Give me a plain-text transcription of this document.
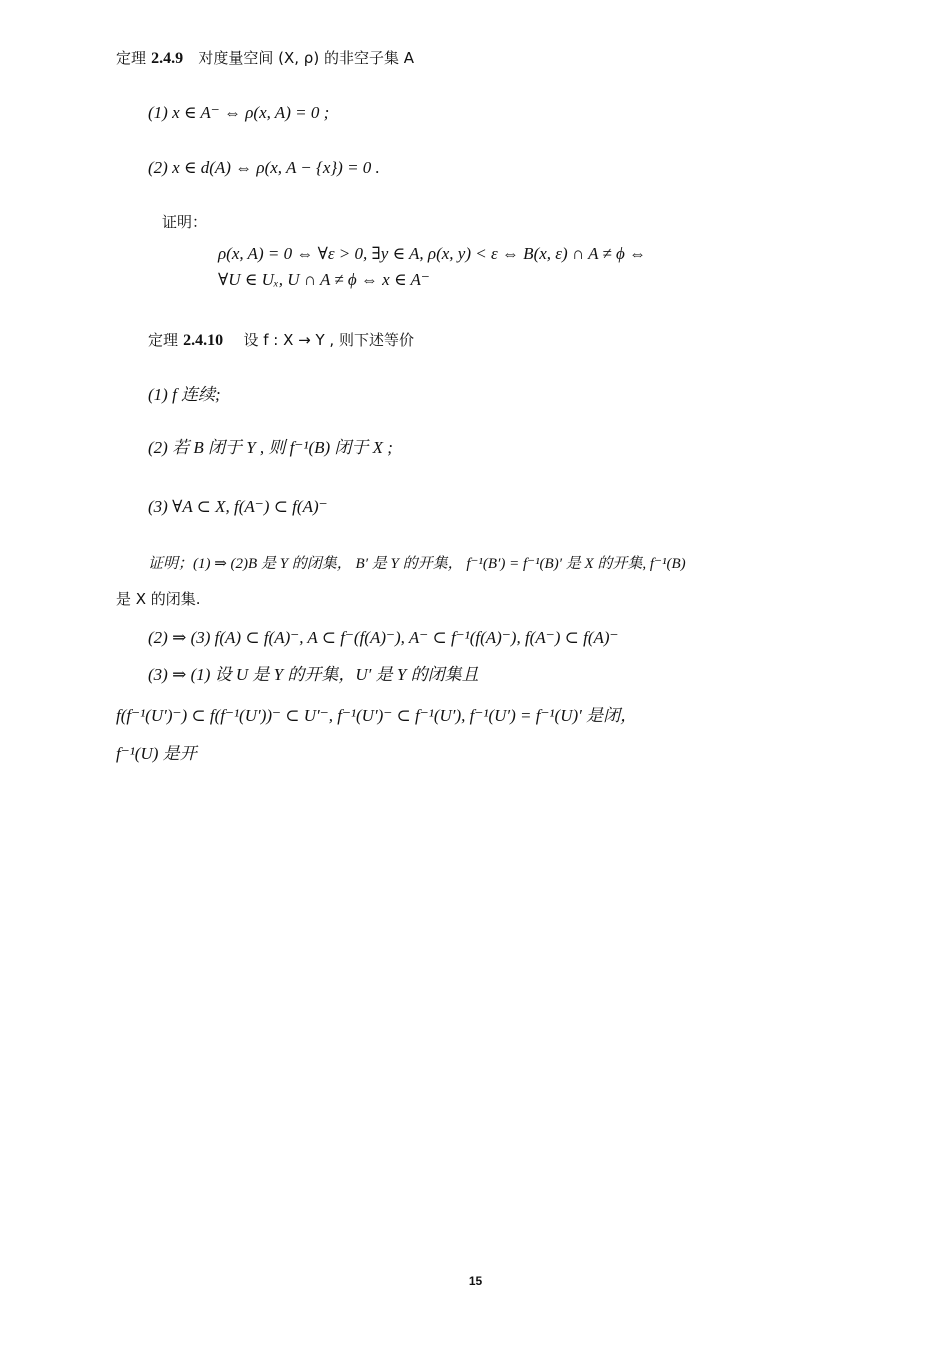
定理 2.4.9 对度量空间 (X, ρ) 的非空子集 A
(1) x ∈ A⁻ ⇔ ρ(x, A) = 0 ;
(2) x ∈ d(A) ⇔ ρ(x, A − {x}) = 0 .
证明：
ρ(x, A) = 0 ⇔ ∀ε > 0, ∃y ∈ A, ρ(x, y) < ε ⇔ B(x, ε) ∩ A ≠ ϕ ⇔
∀U ∈ Uₓ, U ∩ A ≠ ϕ ⇔ x ∈ A⁻
定理 2.4.10 设 f : X → Y , 则下述等价
(1) f 连续;
(2) 若 B 闭于 Y , 则 f⁻¹(B) 闭于 X ;
(3) ∀A ⊂ X, f(A⁻) ⊂ f(A)⁻
证明；(1) ⇒ (2)B 是 Y 的闭集， B′ 是 Y 的开集， f⁻¹(B′) = f⁻¹(B)′ 是 X 的开集, f⁻¹(B)
是 X 的闭集.
(2) ⇒ (3) f(A) ⊂ f(A)⁻, A ⊂ f⁻(f(A)⁻), A⁻ ⊂ f⁻¹(f(A)⁻), f(A⁻) ⊂ f(A)⁻
(3) ⇒ (1) 设 U 是 Y 的开集，U′ 是 Y 的闭集且
f(f⁻¹(U′)⁻) ⊂ f(f⁻¹(U′))⁻ ⊂ U′⁻, f⁻¹(U′)⁻ ⊂ f⁻¹(U′), f⁻¹(U′) = f⁻¹(U)′ 是闭，
f⁻¹(U) 是开
15
